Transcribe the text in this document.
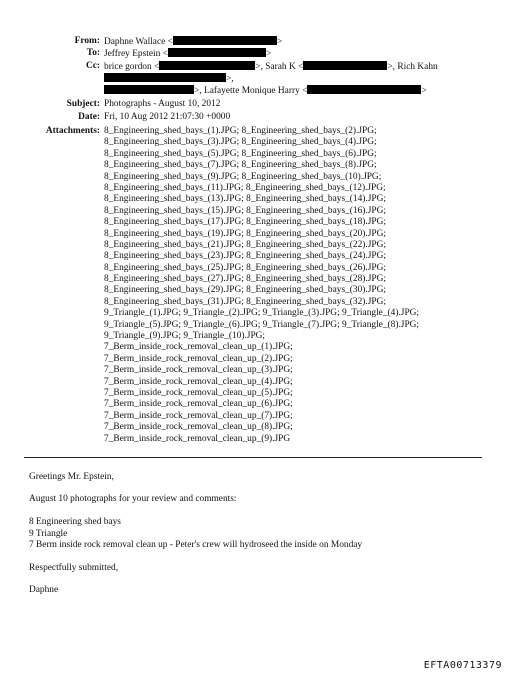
From: Daphne Wallace <	>
To: Jeffrey Epstein <	>
Cc: brice gordon <	>, Sarah K <	>, Rich Kahn
>,
>, Lafayette Monique Harry <	>
Subject: Photographs - August 10, 2012
Date: Fri, 10 Aug 2012 21:07:30 +0000
Attachments: 8_Engineering_shed_bays_(1).JPG; 8_Engineering_shed_bays_(2).JPG;
8_Engineering_shed_bays_(3).JPG; 8_Engineering_shed_bays_(4).JPG;
8_Engineering_shed_bays_(5).JPG; 8_Engineering_shed_bays_(6).JPG;
8_Engineering_shed_bays_(7).JPG; 8_Engineering_shed_bays_(8).JPG;
8_Engineering_shed_bays_(9).JPG; 8_Engineering_shed_bays_(10).JPG;
8_Engineering_shed_bays_(11).JPG; 8_Engineering_shed_bays_(12).JPG;
8_Engineering_shed_bays_(13).JPG; 8_Engineering_shed_bays_(14).JPG;
8_Engineering_shed_bays_(15).JPG; 8_Engineering_shed_bays_(16).JPG;
8_Engineering_shed_bays_(17).JPG; 8_Engineering_shed_bays_(18).JPG;
8_Engineering_shed_bays_(19).JPG; 8_Engineering_shed_bays_(20).JPG;
8_Engineering_shed_bays_(21).JPG; 8_Engineering_shed_bays_(22).JPG;
8_Engineering_shed_bays_(23).JPG; 8_Engineering_shed_bays_(24).JPG;
8_Engineering_shed_bays_(25).JPG; 8_Engineering_shed_bays_(26).JPG;
8_Engineering_shed_bays_(27).JPG; 8_Engineering_shed_bays_(28).JPG;
8_Engineering_shed_bays_(29).JPG; 8_Engineering_shed_bays_(30).JPG;
8_Engineering_shed_bays_(31).JPG; 8_Engineering_shed_bays_(32).JPG;
9_Triangle_(1).JPG; 9_Triangle_(2).JPG; 9_Triangle_(3).JPG; 9_Triangle_(4).JPG;
9_Triangle_(5).JPG; 9_Triangle_(6).JPG; 9_Triangle_(7).JPG; 9_Triangle_(8).JPG;
9_Triangle_(9).JPG; 9_Triangle_(10).JPG;
7_Berm_inside_rock_removal_clean_up_(1).JPG;
7_Berm_inside_rock_removal_clean_up_(2).JPG;
7_Berm_inside_rock_removal_clean_up_(3).JPG;
7_Berm_inside_rock_removal_clean_up_(4).JPG;
7_Berm_inside_rock_removal_clean_up_(5).JPG;
7_Berm_inside_rock_removal_clean_up_(6).JPG;
7_Berm_inside_rock_removal_clean_up_(7).JPG;
7_Berm_inside_rock_removal_clean_up_(8).JPG;
7_Berm_inside_rock_removal_clean_up_(9).JPG
Greetings Mr. Epstein,
August 10 photographs for your review and comments:
8 Engineering shed bays
9 Triangle
7 Berm inside rock removal clean up - Peter's crew will hydroseed the inside on Monday
Respectfully submitted,
Daphne
EFTA00713379
